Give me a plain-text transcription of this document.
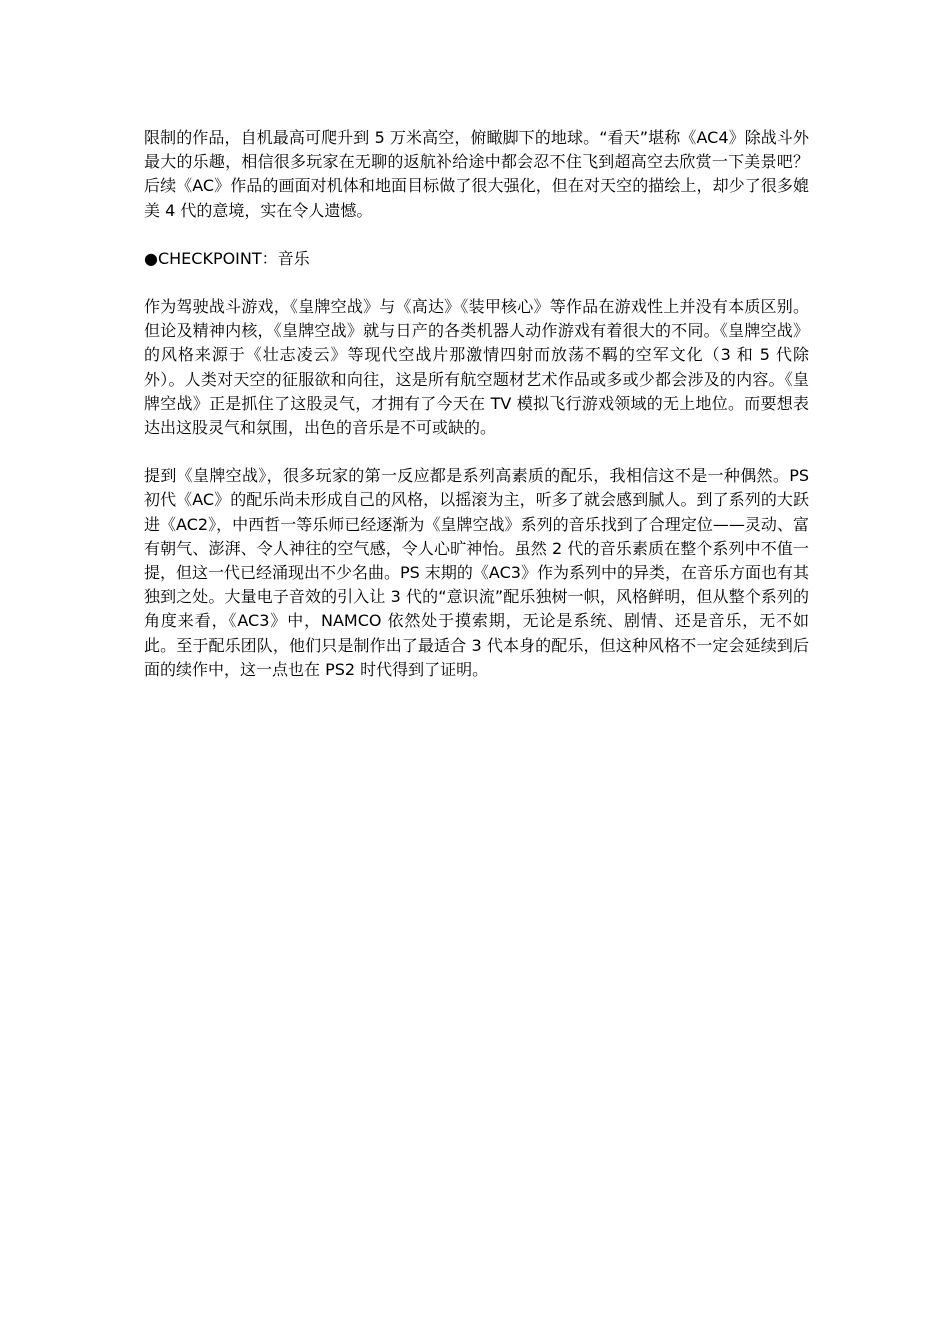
限制的作品，自机最高可爬升到 5 万米高空，俯瞰脚下的地球。“看天”堪称《AC4》除战斗外最大的乐趣，相信很多玩家在无聊的返航补给途中都会忍不住飞到超高空去欣赏一下美景吧？后续《AC》作品的画面对机体和地面目标做了很大强化，但在对天空的描绘上，却少了很多媲美 4 代的意境，实在令人遗憾。

●CHECKPOINT：音乐

作为驾驶战斗游戏，《皇牌空战》与《高达》《装甲核心》等作品在游戏性上并没有本质区别。但论及精神内核，《皇牌空战》就与日产的各类机器人动作游戏有着很大的不同。《皇牌空战》的风格来源于《壮志凌云》等现代空战片那激情四射而放荡不羁的空军文化（3 和 5 代除外）。人类对天空的征服欲和向往，这是所有航空题材艺术作品或多或少都会涉及的内容。《皇牌空战》正是抓住了这股灵气，才拥有了今天在 TV 模拟飞行游戏领域的无上地位。而要想表达出这股灵气和氛围，出色的音乐是不可或缺的。

提到《皇牌空战》，很多玩家的第一反应都是系列高素质的配乐，我相信这不是一种偶然。PS 初代《AC》的配乐尚未形成自己的风格，以摇滚为主，听多了就会感到腻人。到了系列的大跃进《AC2》，中西哲一等乐师已经逐渐为《皇牌空战》系列的音乐找到了合理定位——灵动、富有朝气、澎湃、令人神往的空气感，令人心旷神怡。虽然 2 代的音乐素质在整个系列中不值一提，但这一代已经涌现出不少名曲。PS 末期的《AC3》作为系列中的异类，在音乐方面也有其独到之处。大量电子音效的引入让 3 代的“意识流”配乐独树一帜，风格鲜明，但从整个系列的角度来看，《AC3》中，NAMCO 依然处于摸索期，无论是系统、剧情、还是音乐，无不如此。至于配乐团队，他们只是制作出了最适合 3 代本身的配乐，但这种风格不一定会延续到后面的续作中，这一点也在 PS2 时代得到了证明。
